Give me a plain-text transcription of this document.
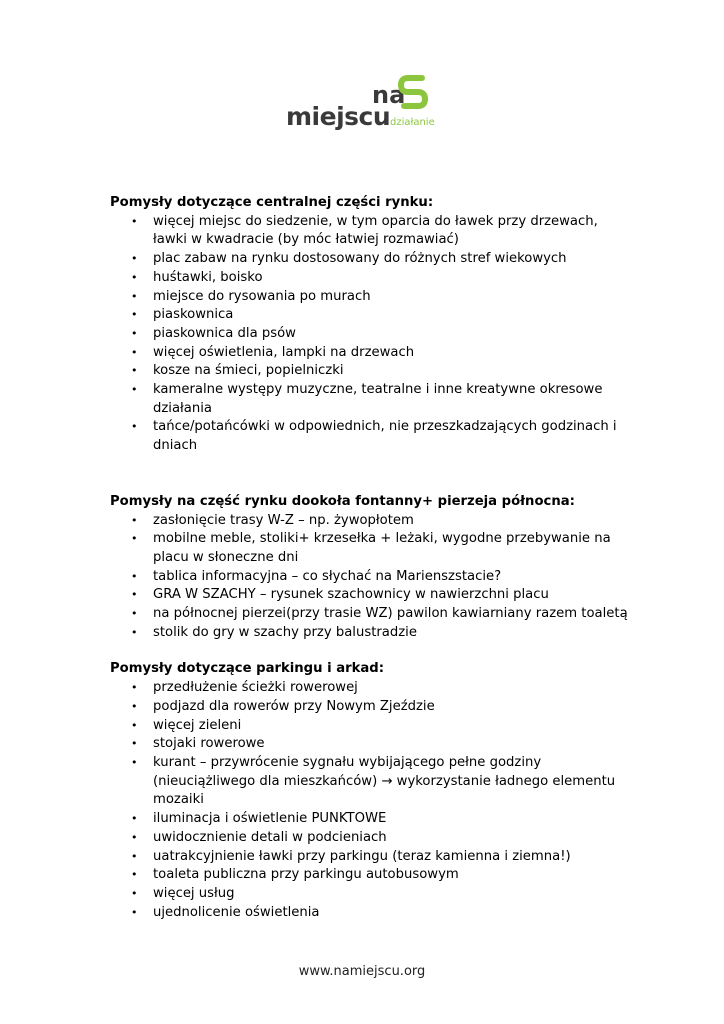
na
miejscu działanie

Pomysły dotyczące centralnej części rynku:

• więcej miejsc do siedzenie, w tym oparcia do ławek przy drzewach, ławki w kwadracie (by móc łatwiej rozmawiać)
• plac zabaw na rynku dostosowany do różnych stref wiekowych
• huśtawki, boisko
• miejsce do rysowania po murach
• piaskownica
• piaskownica dla psów
• więcej oświetlenia, lampki na drzewach
• kosze na śmieci, popielniczki
• kameralne występy muzyczne, teatralne i inne kreatywne okresowe działania
• tańce/potańcówki w odpowiednich, nie przeszkadzających godzinach i dniach

Pomysły na część rynku dookoła fontanny+ pierzeja północna:

• zasłonięcie trasy W-Z – np. żywopłotem
• mobilne meble, stoliki+ krzesełka + leżaki, wygodne przebywanie na placu w słoneczne dni
• tablica informacyjna – co słychać na Marienszstacie?
• GRA W SZACHY – rysunek szachownicy w nawierzchni placu
• na północnej pierzei(przy trasie WZ) pawilon kawiarniany razem toaletą
• stolik do gry w szachy przy balustradzie

Pomysły dotyczące parkingu i arkad:

• przedłużenie ścieżki rowerowej
• podjazd dla rowerów przy Nowym Zjeździe
• więcej zieleni
• stojaki rowerowe
• kurant – przywrócenie sygnału wybijającego pełne godziny (nieuciążliwego dla mieszkańców) → wykorzystanie ładnego elementu mozaiki
• iluminacja i oświetlenie PUNKTOWE
• uwidocznienie detali w podcieniach
• uatrakcyjnienie ławki przy parkingu (teraz kamienna i ziemna!)
• toaleta publiczna przy parkingu autobusowym
• więcej usług
• ujednolicenie oświetlenia
www.namiejscu.org
